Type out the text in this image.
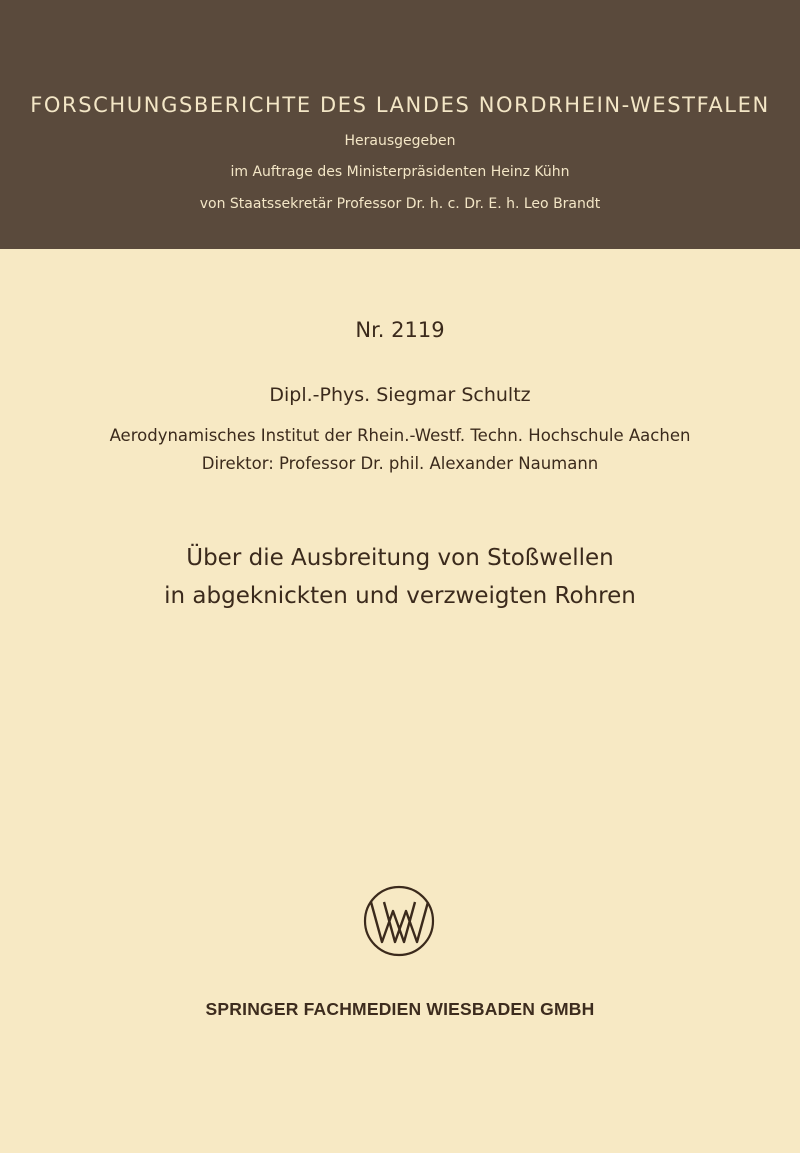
FORSCHUNGSBERICHTE DES LANDES NORDRHEIN-WESTFALEN
Herausgegeben
im Auftrage des Ministerpräsidenten Heinz Kühn
von Staatssekretär Professor Dr. h. c. Dr. E. h. Leo Brandt
Nr. 2119
Dipl.-Phys. Siegmar Schultz
Aerodynamisches Institut der Rhein.-Westf. Techn. Hochschule Aachen
Direktor: Professor Dr. phil. Alexander Naumann
Über die Ausbreitung von Stoßwellen
in abgeknickten und verzweigten Rohren
SPRINGER FACHMEDIEN WIESBADEN GMBH
